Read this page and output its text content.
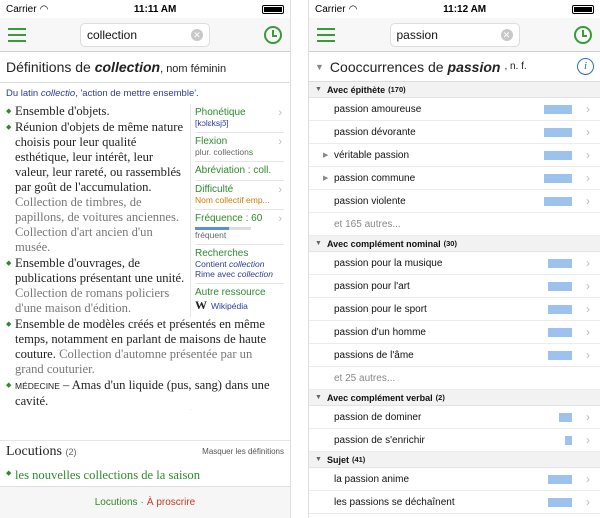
Carrier ◠	11:11 AM
collection	✕
Définitions de collection, nom féminin
Du latin collectio, 'action de mettre ensemble'.
◆ Ensemble d'objets.
◆ Réunion d'objets de même nature choisis pour leur qualité esthétique, leur intérêt, leur valeur, leur rareté, ou rassemblés par goût de l'accumulation. Collection de timbres, de papillons, de voitures anciennes. Collection d'art ancien d'un musée.
◆ Ensemble d'ouvrages, de publications présentant une unité. Collection de romans policiers d'une maison d'édition.
◆ Ensemble de modèles créés et présentés en même temps, notamment en parlant de maisons de haute couture. Collection d'automne présentée par un grand couturier.
◆ MÉDECINE – Amas d'un liquide (pus, sang) dans une cavité.
Phonétique
[kɔlɛksjɔ̃]
›
Flexion
plur. collections
›
Abréviation : coll.
Difficulté
Nom collectif emp...
›
Fréquence : 60
fréquent
›
Recherches
Contient collection
Rime avec collection
Autre ressource
W Wikipédia
Locutions (2)	Masquer les définitions
◆ les nouvelles collections de la saison
Locutions · À proscrire
Carrier ◠	11:12 AM
passion	✕
▼ Cooccurrences de passion , n. f.	i
▼ Avec épithète (170)
passion amoureuse	›
passion dévorante	›
▶ véritable passion	›
▶ passion commune	›
passion violente	›
et 165 autres...
▼ Avec complément nominal (30)
passion pour la musique	›
passion pour l'art	›
passion pour le sport	›
passion d'un homme	›
passions de l'âme	›
et 25 autres...
▼ Avec complément verbal (2)
passion de dominer	›
passion de s'enrichir	›
▼ Sujet (41)
la passion anime	›
les passions se déchaînent	›
